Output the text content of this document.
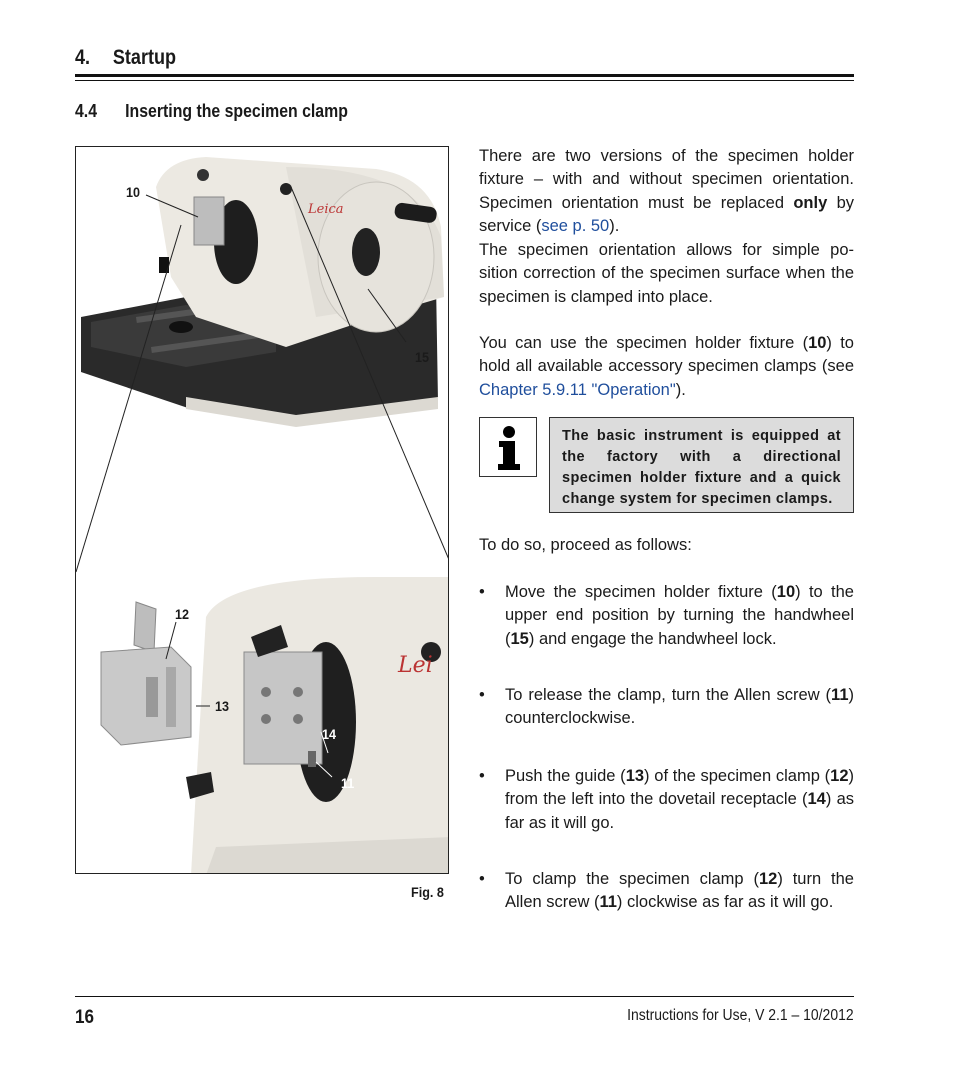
4. Startup
4.4 Inserting the specimen clamp
Leica
Lei
10
15
12
13
14
11
Fig. 8

There are two versions of the specimen holder fixture – with and without specimen orientation. Specimen orientation must be replaced only by service (see p. 50).

The specimen orientation allows for simple po-sition correction of the specimen surface when the specimen is clamped into place.

You can use the specimen holder fixture (10) to hold all available accessory specimen clamps (see Chapter 5.9.11 "Operation").

The basic instrument is equipped at the factory with a directional specimen holder fixture and a quick change system for specimen clamps.

To do so, proceed as follows:

• Move the specimen holder fixture (10) to the upper end position by turning the handwheel (15) and engage the handwheel lock.
• To release the clamp, turn the Allen screw (11) counterclockwise.
• Push the guide (13) of the specimen clamp (12) from the left into the dovetail receptacle (14) as far as it will go.
• To clamp the specimen clamp (12) turn the Allen screw (11) clockwise as far as it will go.
16	Instructions for Use, V 2.1 – 10/2012
